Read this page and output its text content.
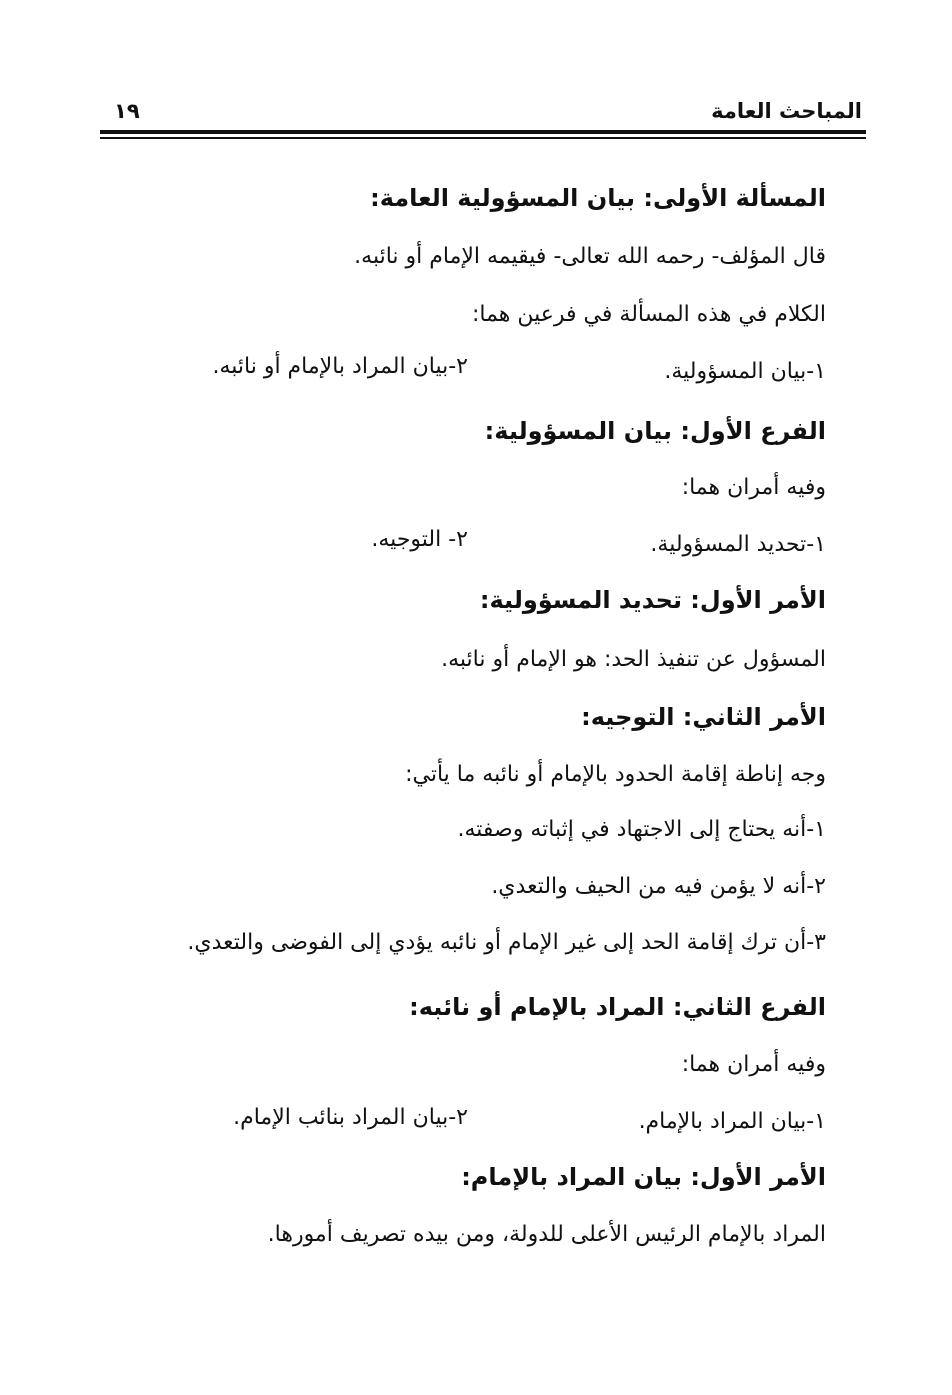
المباحث العامة
١٩
المسألة الأولى: بيان المسؤولية العامة:
قال المؤلف- رحمه الله تعالى- فيقيمه الإمام أو نائبه.
الكلام في هذه المسألة في فرعين هما:
١-بيان المسؤولية.
٢-بيان المراد بالإمام أو نائبه.
الفرع الأول: بيان المسؤولية:
وفيه أمران هما:
١-تحديد المسؤولية.
٢- التوجيه.
الأمر الأول: تحديد المسؤولية:
المسؤول عن تنفيذ الحد: هو الإمام أو نائبه.
الأمر الثاني: التوجيه:
وجه إناطة إقامة الحدود بالإمام أو نائبه ما يأتي:
١-أنه يحتاج إلى الاجتهاد في إثباته وصفته.
٢-أنه لا يؤمن فيه من الحيف والتعدي.
٣-أن ترك إقامة الحد إلى غير الإمام أو نائبه يؤدي إلى الفوضى والتعدي.
الفرع الثاني: المراد بالإمام أو نائبه:
وفيه أمران هما:
١-بيان المراد بالإمام.
٢-بيان المراد بنائب الإمام.
الأمر الأول: بيان المراد بالإمام:
المراد بالإمام الرئيس الأعلى للدولة، ومن بيده تصريف أمورها.
